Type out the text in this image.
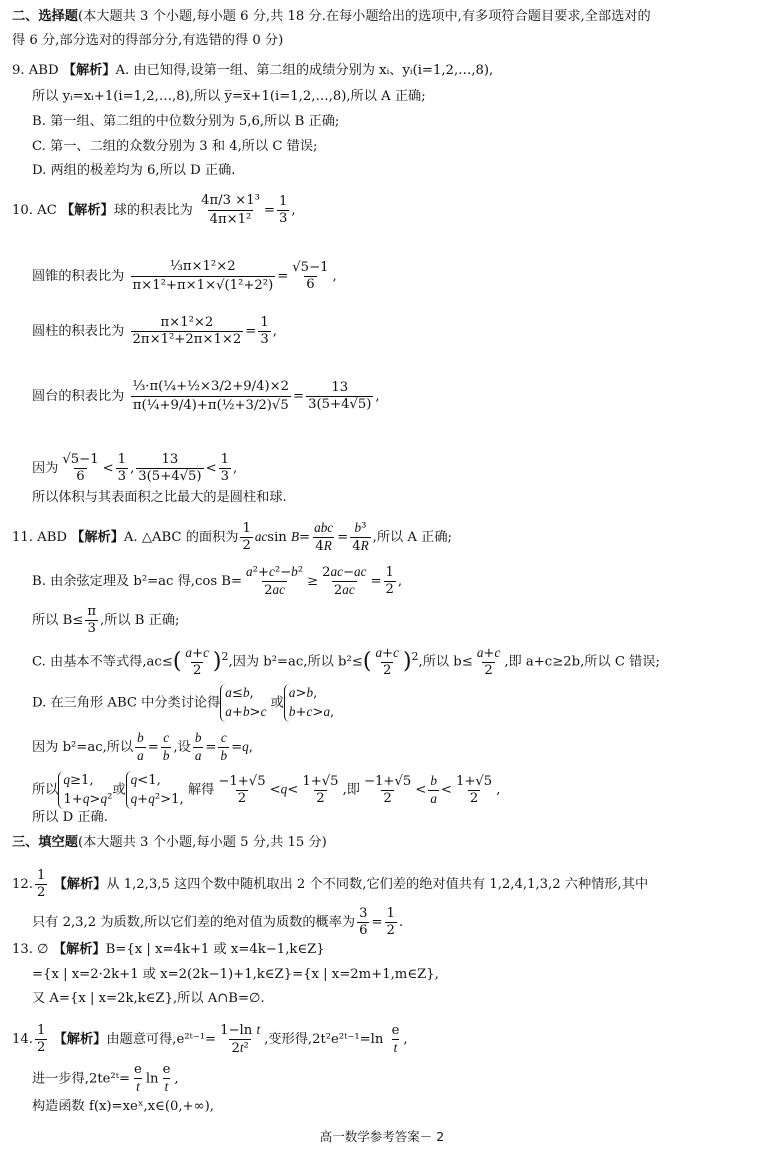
二、选择题(本大题共 3 个小题,每小题 6 分,共 18 分.在每小题给出的选项中,有多项符合题目要求,全部选对的
得 6 分,部分选对的得部分分,有选错的得 0 分)
9. ABD 【解析】A. 由已知得,设第一组、第二组的成绩分别为 xᵢ、yᵢ(i=1,2,…,8),
所以 yᵢ=xᵢ+1(i=1,2,…,8),所以 y̅=x̅+1(i=1,2,…,8),所以 A 正确;
B. 第一组、第二组的中位数分别为 5,6,所以 B 正确;
C. 第一、二组的众数分别为 3 和 4,所以 C 错误;
D. 两组的极差均为 6,所以 D 正确.
10. AC 【解析】球的积表比为 $\frac{\text{4π/3 ×1³}}{\text{4π×1²}} = \frac{1}{3}$ ,
圆锥的积表比为 $\frac{\text{⅓π×1²×2}}{\text{π×1²+π×1×√(1²+2²)}} = \frac{√5-1}{6}$ ,
圆柱的积表比为 $\frac{\text{π×1²×2}}{\text{2π×1²+2π×1×2}} = \frac{1}{3}$ ,
圆台的积表比为 $\frac{\text{⅓·π(¼+½×3/2+9/4)×2}}{\text{π(¼+9/4)+π(½+3/2)√5}} = \frac{13}{3(5+4√5)}$ ,
因为 $\frac{√5-1}{6} < \frac{1}{3}$ , $\frac{13}{3(5+4√5)} < \frac{1}{3}$ ,
所以体积与其表面积之比最大的是圆柱和球.
11. ABD 【解析】A. △ABC 的面积为 $\frac{1}{2}$ acsin B=
abc
4R
= $\frac{\text{b³}}{4R}$ ,所以 A 正确;
B. 由余弦定理及 b²=ac 得,cos $B= \frac{\text{a²+c²−b²}}{2ac} \ge \frac{2ac-ac}{2ac} = \frac{1}{2}$ ,
所以 $B\le \frac{\pi}{3}$ ,所以 B 正确;
C. 由基本不等式得$,ac\le( \frac{a+c}{2} )^2$,因为 b²=ac,所以 $b^2\le( \frac{a+c}{2} )^2$,所以 $b\le \frac{a+c}{2}$ ,即 a+c≥2b,所以 C 错误;
D. 在三角形 ABC 中分类讨论得
a≤b,
a+b>c
或
a>b,
b+c>a,
因为 b²=ac,所以 $\frac{b}{a} = \frac{c}{b}$ ,设 $\frac{b}{a} = \frac{c}{b} =q$,
所以
q≥1,
1+q>q²
或
q<1,
q+q²>1,
解得 $\frac{-1+√5}{2} <q< \frac{1+√5}{2}$ ,即 $\frac{-1+√5}{2} < \frac{b}{a} < \frac{1+√5}{2}$ ,
所以 D 正确.
三、填空题(本大题共 3 个小题,每小题 5 分,共 15 分)
12. $\frac{1}{2}$ 【解析】从 1,2,3,5 这四个数中随机取出 2 个不同数,它们差的绝对值共有 1,2,4,1,3,2 六种情形,其中
只有 2,3,2 为质数,所以它们差的绝对值为质数的概率为 $\frac{3}{6} = \frac{1}{2}$ .
13. ∅ 【解析】B={x | x=4k+1 或 x=4k−1,k∈Z}
={x | x=2·2k+1 或 x=2(2k−1)+1,k∈Z}={x | x=2m+1,m∈Z},
又 A={x | x=2k,k∈Z},所以 A∩B=∅.
14. $\frac{1}{2}$ 【解析】由题意可得,e²ᵗ⁻¹= $\frac{\text{1−ln t}}{\text{2t²}}$ ,变形得,2t²e²ᵗ⁻¹=ln $\frac{e}{t}$ ,
进一步得,2te²ᵗ= $\frac{e}{t}$ $\ln \frac{e}{t}$ ,
构造函数 f(x)=xeˣ,x∈(0,+∞),
高一数学参考答案－ 2
